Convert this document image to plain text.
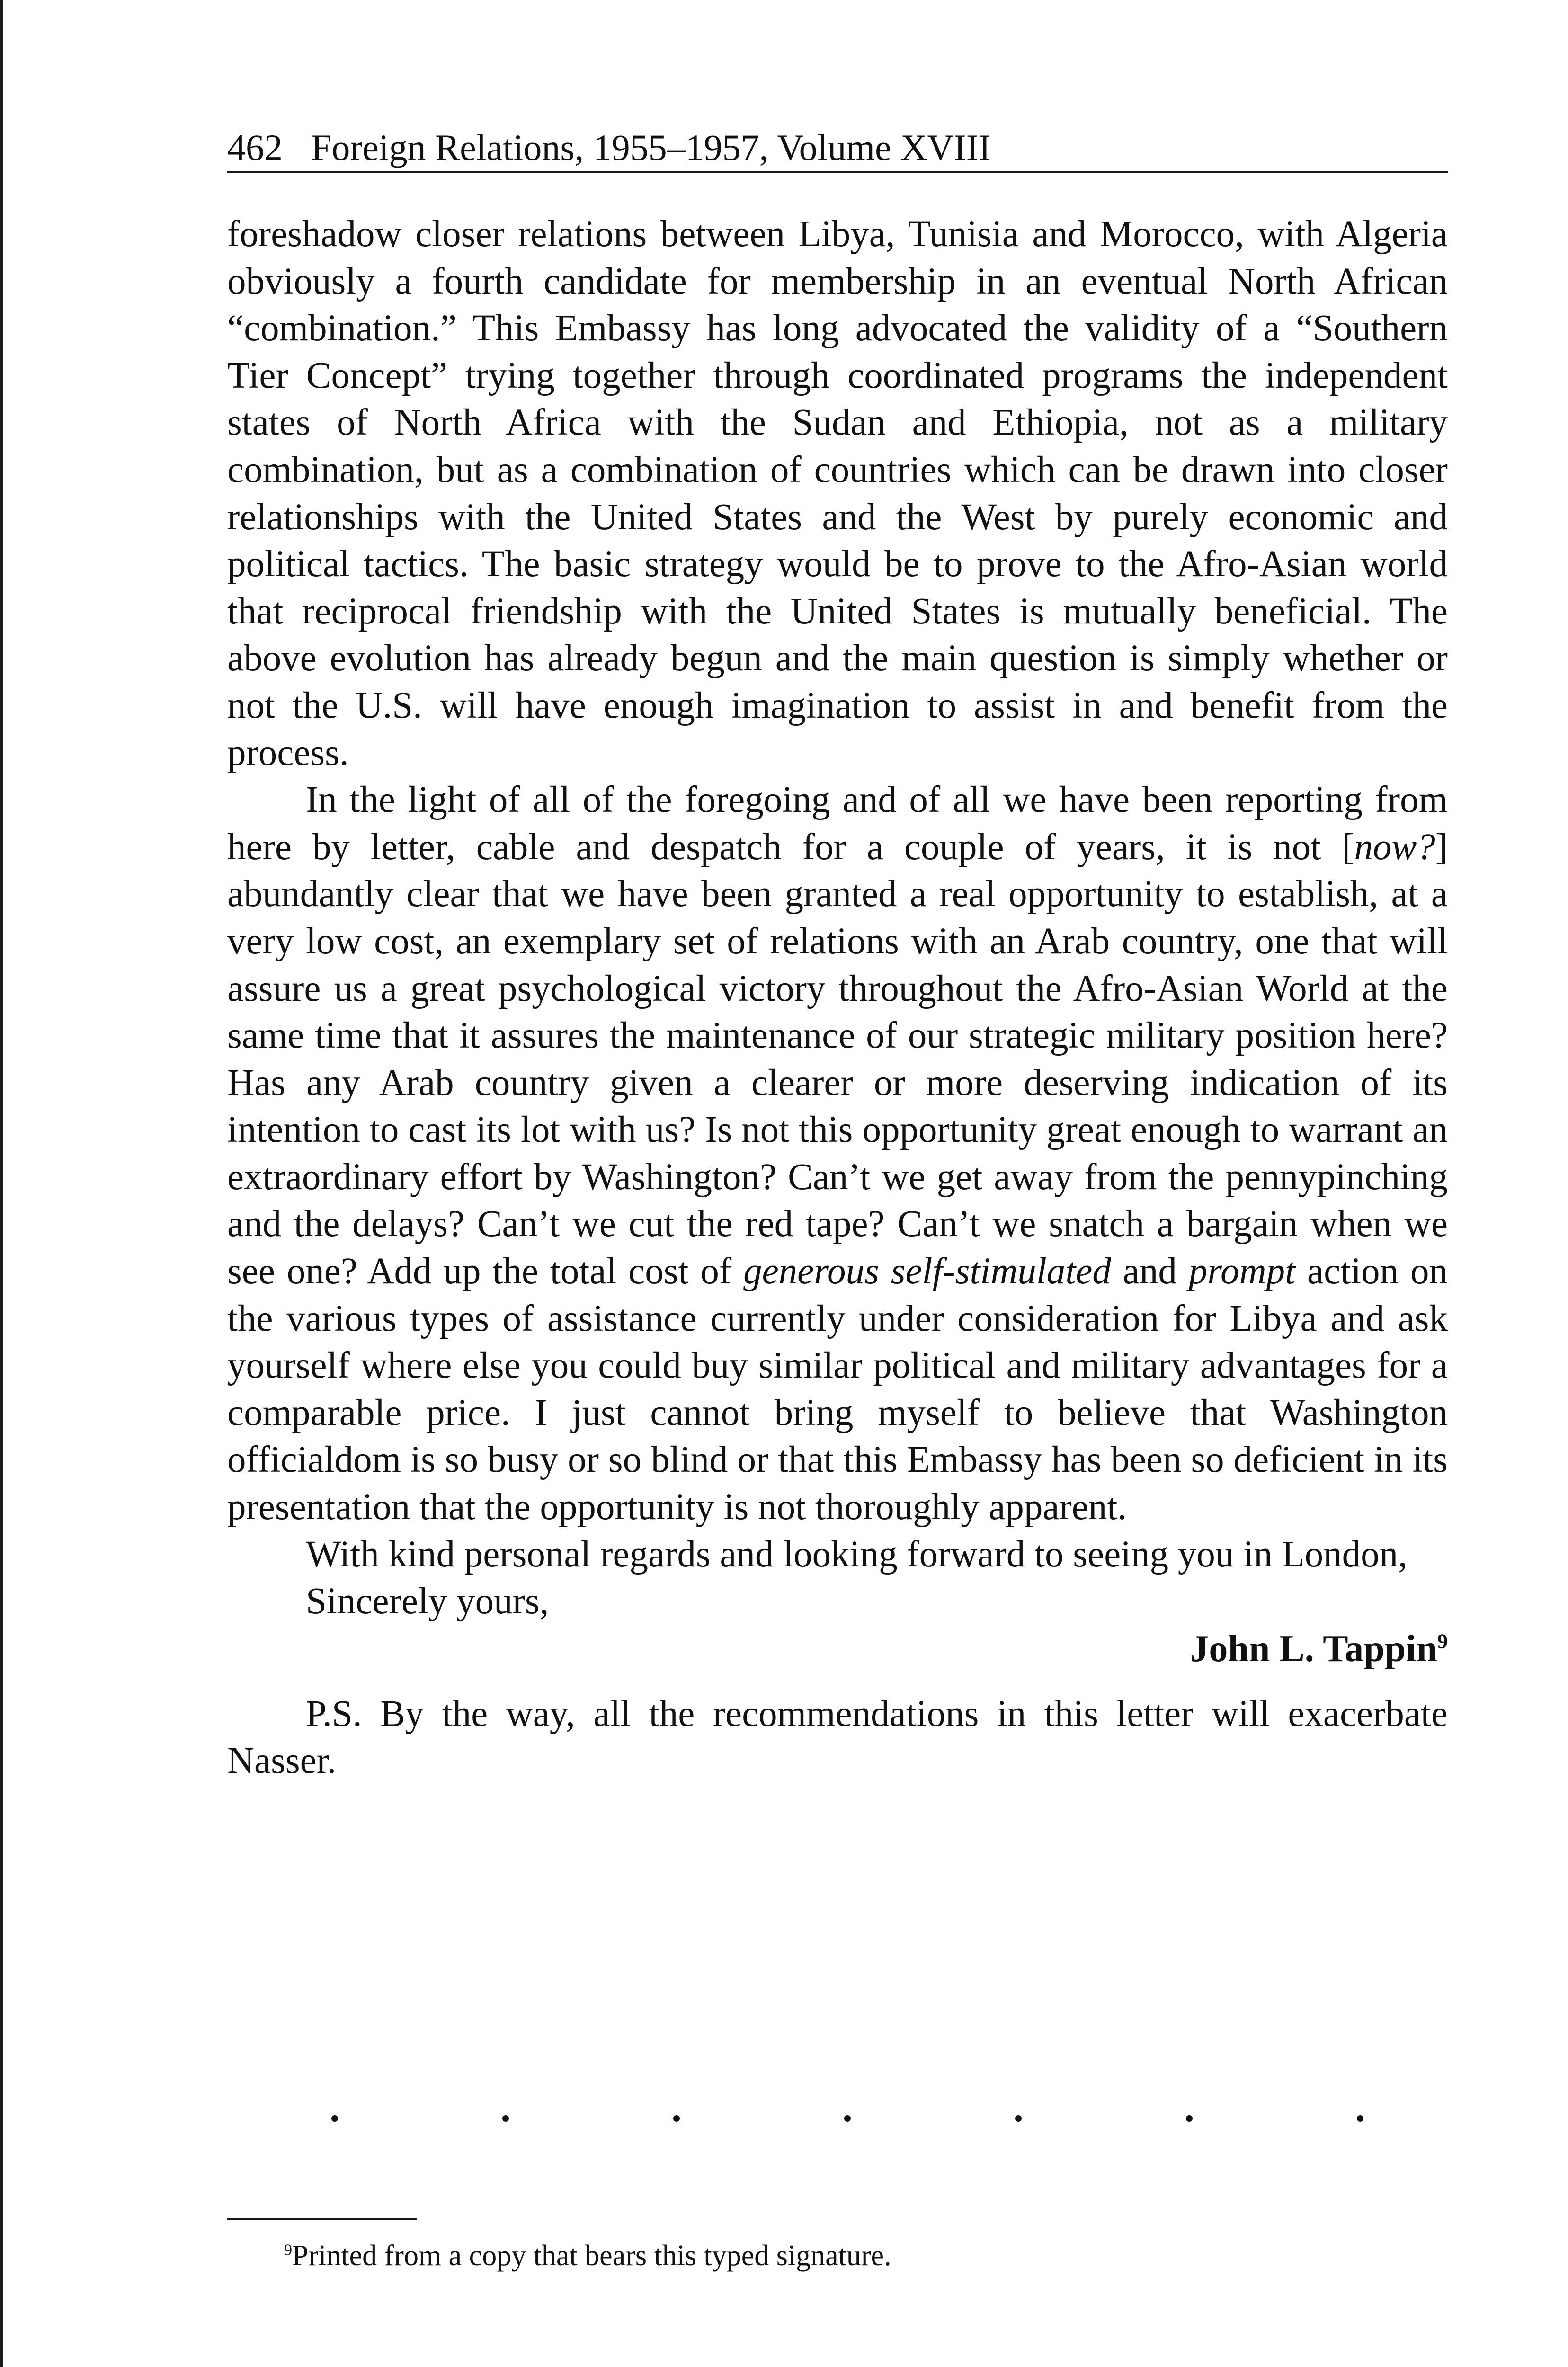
462 Foreign Relations, 1955–1957, Volume XVIII

foreshadow closer relations between Libya, Tunisia and Morocco, with Algeria obviously a fourth candidate for membership in an eventual North African “combination.” This Embassy has long advocated the validity of a “Southern Tier Concept” trying together through coordinated programs the independent states of North Africa with the Sudan and Ethiopia, not as a military combination, but as a combination of countries which can be drawn into closer relationships with the United States and the West by purely economic and political tactics. The basic strategy would be to prove to the Afro-Asian world that reciprocal friendship with the United States is mutually beneficial. The above evolution has already begun and the main question is simply whether or not the U.S. will have enough imagination to assist in and benefit from the process.

In the light of all of the foregoing and of all we have been reporting from here by letter, cable and despatch for a couple of years, it is not [now?] abundantly clear that we have been granted a real opportunity to establish, at a very low cost, an exemplary set of relations with an Arab country, one that will assure us a great psychological victory throughout the Afro-Asian World at the same time that it assures the maintenance of our strategic military position here? Has any Arab country given a clearer or more deserving indication of its intention to cast its lot with us? Is not this opportunity great enough to warrant an extraordinary effort by Washington? Can’t we get away from the pennypinching and the delays? Can’t we cut the red tape? Can’t we snatch a bargain when we see one? Add up the total cost of generous self-stimulated and prompt action on the various types of assistance currently under consideration for Libya and ask yourself where else you could buy similar political and military advantages for a comparable price. I just cannot bring myself to believe that Washington officialdom is so busy or so blind or that this Embassy has been so deficient in its presentation that the opportunity is not thoroughly apparent.

With kind personal regards and looking forward to seeing you in London,

Sincerely yours,

John L. Tappin$^9$

P.S. By the way, all the recommendations in this letter will exacerbate Nasser.

$^9$Printed from a copy that bears this typed signature.
